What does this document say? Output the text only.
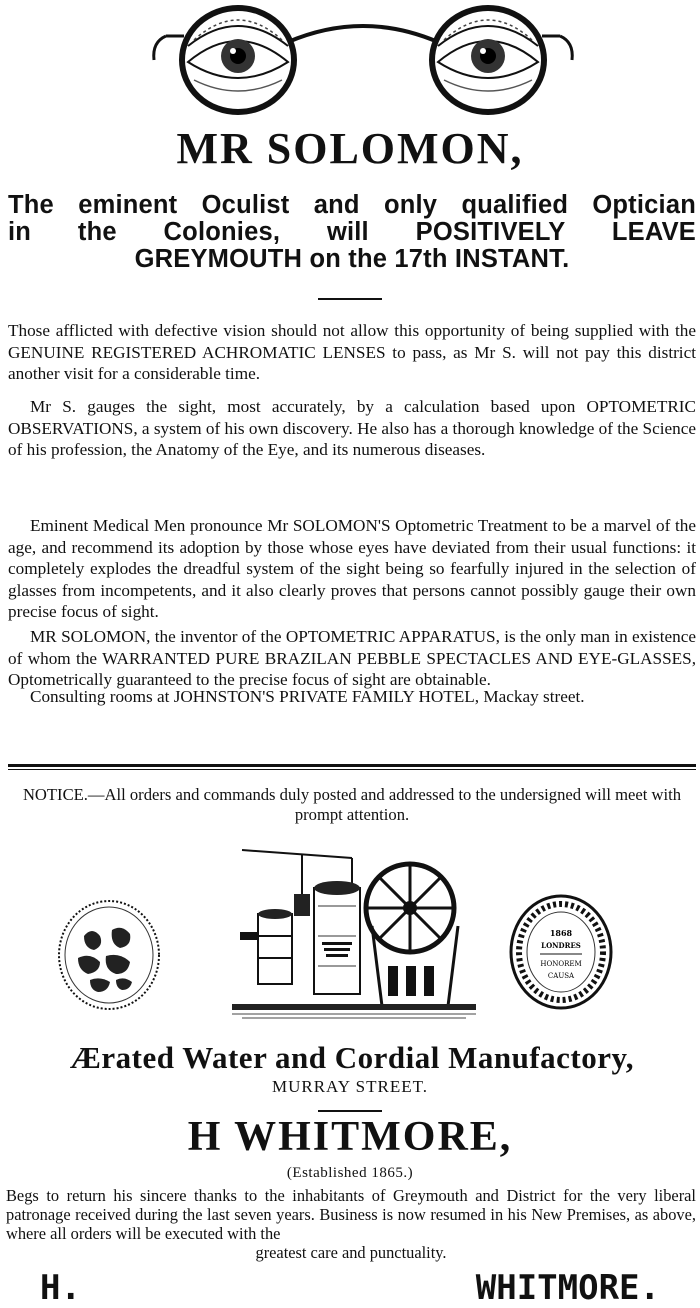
MR SOLOMON,
The eminent Oculist and only qualified Optician
in the Colonies, will POSITIVELY LEAVE
GREYMOUTH on the 17th INSTANT.

Those afflicted with defective vision should not allow this opportunity of being supplied with the GENUINE REGISTERED ACHROMATIC LENSES to pass, as Mr S. will not pay this district another visit for a considerable time.

Mr S. gauges the sight, most accurately, by a calculation based upon OPTOMETRIC OBSERVATIONS, a system of his own discovery. He also has a thorough knowledge of the Science of his profession, the Anatomy of the Eye, and its numerous diseases.

Eminent Medical Men pronounce Mr SOLOMON'S Optometric Treatment to be a marvel of the age, and recommend its adoption by those whose eyes have deviated from their usual functions: it completely explodes the dreadful system of the sight being so fearfully injured in the selection of glasses from incompetents, and it also clearly proves that persons cannot possibly gauge their own precise focus of sight.

MR SOLOMON, the inventor of the OPTOMETRIC APPARATUS, is the only man in existence of whom the WARRANTED PURE BRAZILAN PEBBLE SPECTACLES AND EYE-GLASSES, Optometrically guaranteed to the precise focus of sight are obtainable.

Consulting rooms at JOHNSTON'S PRIVATE FAMILY HOTEL, Mackay street.

NOTICE.—All orders and commands duly posted and addressed to the undersigned will meet with prompt attention.
1868
LONDRES
HONOREM
CAUSA
Ærated Water and Cordial Manufactory,
MURRAY STREET.
H WHITMORE,
(Established 1865.)
Begs to return his sincere thanks to the inhabitants of Greymouth and District for the very liberal patronage received during the last seven years. Business is now resumed in his New Premises, as above, where all orders will be executed with the
greatest care and punctuality.
H. WHITMORE.
